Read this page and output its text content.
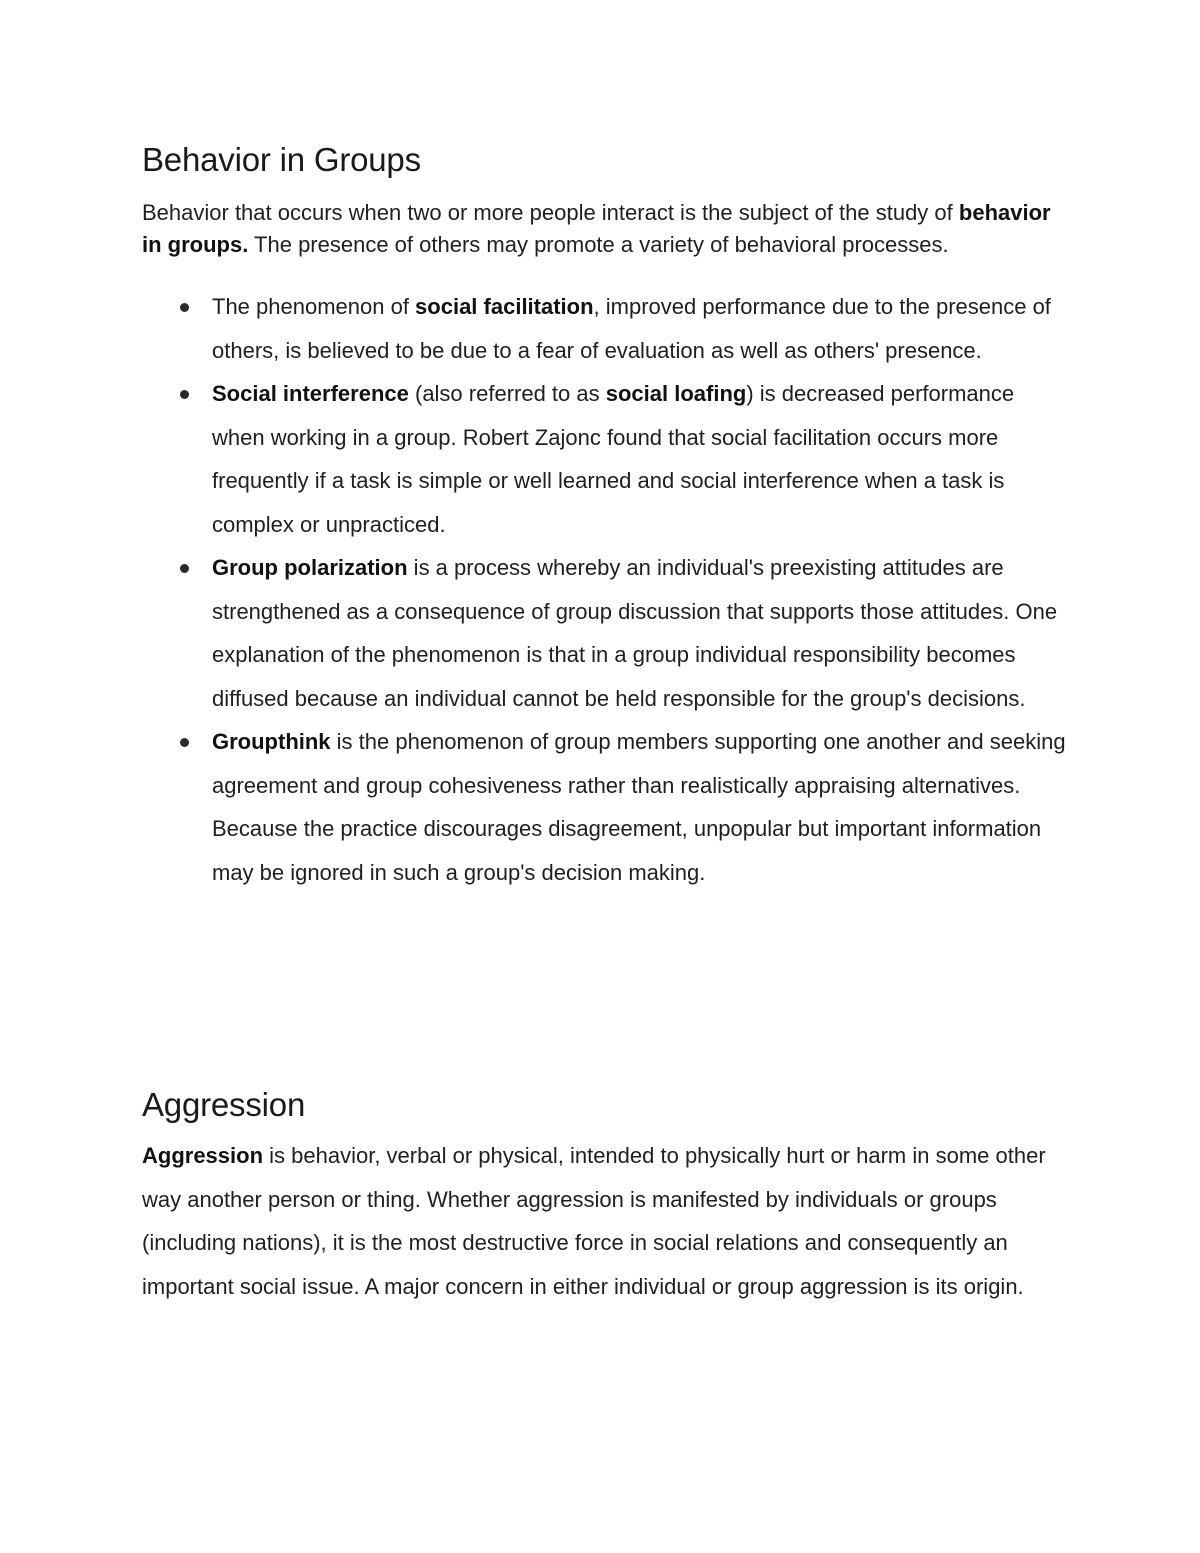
Behavior in Groups

Behavior that occurs when two or more people interact is the subject of the study of behavior in groups. The presence of others may promote a variety of behavioral processes.

The phenomenon of social facilitation, improved performance due to the presence of others, is believed to be due to a fear of evaluation as well as others' presence.
Social interference (also referred to as social loafing) is decreased performance when working in a group. Robert Zajonc found that social facilitation occurs more frequently if a task is simple or well learned and social interference when a task is complex or unpracticed.
Group polarization is a process whereby an individual's preexisting attitudes are strengthened as a consequence of group discussion that supports those attitudes. One explanation of the phenomenon is that in a group individual responsibility becomes diffused because an individual cannot be held responsible for the group's decisions.
Groupthink is the phenomenon of group members supporting one another and seeking agreement and group cohesiveness rather than realistically appraising alternatives. Because the practice discourages disagreement, unpopular but important information may be ignored in such a group's decision making.
Aggression

Aggression is behavior, verbal or physical, intended to physically hurt or harm in some other way another person or thing. Whether aggression is manifested by individuals or groups (including nations), it is the most destructive force in social relations and consequently an important social issue. A major concern in either individual or group aggression is its origin.
